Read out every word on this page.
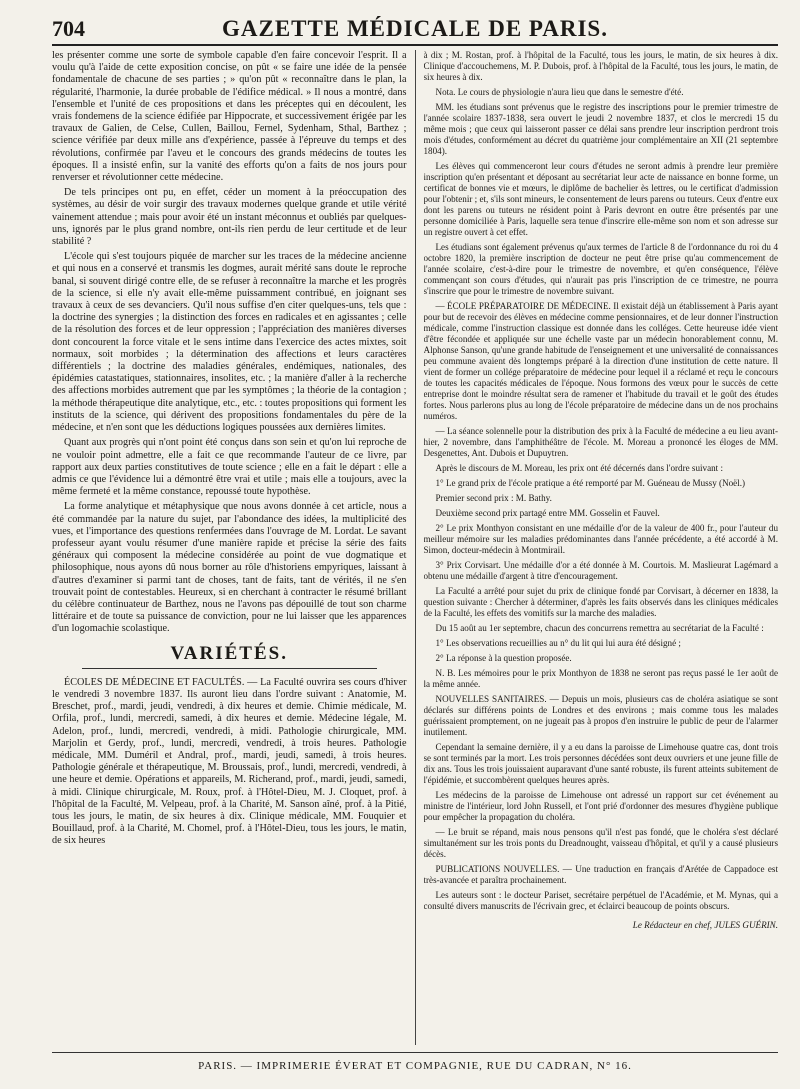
704	GAZETTE MÉDICALE DE PARIS.

les présenter comme une sorte de symbole capable d'en faire concevoir l'esprit. Il a voulu qu'à l'aide de cette exposition concise, on pût « se faire une idée de la pensée fondamentale de chacune de ses parties ; » qu'on pût « reconnaître dans le plan, la régularité, l'harmonie, la durée probable de l'édifice médical. » Il nous a montré, dans l'ensemble et l'unité de ces propositions et dans les préceptes qui en découlent, les vrais fondemens de la science édifiée par Hippocrate, et successivement érigée par les travaux de Galien, de Celse, Cullen, Baillou, Fernel, Sydenham, Sthal, Barthez ; science vérifiée par deux mille ans d'expérience, passée à l'épreuve du temps et des révolutions, confirmée par l'aveu et le concours des grands médecins de toutes les époques. Il a insisté enfin, sur la vanité des efforts qu'on a faits de nos jours pour renverser et révolutionner cette médecine.

De tels principes ont pu, en effet, céder un moment à la préoccupation des systèmes, au désir de voir surgir des travaux modernes quelque grande et utile vérité vainement attendue ; mais pour avoir été un instant méconnus et oubliés par quelques-uns, ignorés par le plus grand nombre, ont-ils rien perdu de leur certitude et de leur stabilité ?

L'école qui s'est toujours piquée de marcher sur les traces de la médecine ancienne et qui nous en a conservé et transmis les dogmes, aurait mérité sans doute le reproche banal, si souvent dirigé contre elle, de se refuser à reconnaître la marche et les progrès de la science, si elle n'y avait elle-même puissamment contribué, en joignant ses travaux à ceux de ses devanciers. Qu'il nous suffise d'en citer quelques-uns, tels que : la doctrine des synergies ; la distinction des forces en radicales et en agissantes ; celle de la résolution des forces et de leur oppression ; l'appréciation des manières diverses dont concourent la force vitale et le sens intime dans l'exercice des actes mixtes, soit normaux, soit morbides ; la détermination des affections et leurs caractères différentiels ; la doctrine des maladies générales, endémiques, nationales, des épidémies catastatiques, stationnaires, insolites, etc. ; la manière d'aller à la recherche des affections morbides autrement que par les symptômes ; la théorie de la contagion ; la méthode thérapeutique dite analytique, etc., etc. : toutes propositions qui forment les instituts de la science, qui dérivent des propositions fondamentales du père de la médecine, et n'en sont que les déductions logiques poussées aux dernières limites.

Quant aux progrès qui n'ont point été conçus dans son sein et qu'on lui reproche de ne vouloir point admettre, elle a fait ce que recommande l'auteur de ce livre, par rapport aux deux parties constitutives de toute science ; elle en a fait le départ : elle a admis ce que l'évidence lui a démontré être vrai et utile ; mais elle a toujours, avec la même fermeté et la même constance, repoussé toute hypothèse.

La forme analytique et métaphysique que nous avons donnée à cet article, nous a été commandée par la nature du sujet, par l'abondance des idées, la multiplicité des vues, et l'importance des questions renfermées dans l'ouvrage de M. Lordat. Le savant professeur ayant voulu résumer d'une manière rapide et précise la série des faits généraux qui composent la médecine considérée au point de vue dogmatique et philosophique, nous ayons dû nous borner au rôle d'historiens empyriques, laissant à d'autres d'examiner si parmi tant de choses, tant de faits, tant de vérités, il ne s'en trouvait point de contestables. Heureux, si en cherchant à contracter le résumé brillant du célèbre continuateur de Barthez, nous ne l'avons pas dépouillé de tout son charme littéraire et de toute sa puissance de conviction, pour ne lui laisser que les apparences d'un logomachie scolastique.

VARIÉTÉS.

ÉCOLES DE MÉDECINE ET FACULTÉS. — La Faculté ouvrira ses cours d'hiver le vendredi 3 novembre 1837. Ils auront lieu dans l'ordre suivant : Anatomie, M. Breschet, prof., mardi, jeudi, vendredi, à dix heures et demie. Chimie médicale, M. Orfila, prof., lundi, mercredi, samedi, à dix heures et demie. Médecine légale, M. Adelon, prof., lundi, mercredi, vendredi, à midi. Pathologie chirurgicale, MM. Marjolin et Gerdy, prof., lundi, mercredi, vendredi, à trois heures. Pathologie médicale, MM. Duméril et Andral, prof., mardi, jeudi, samedi, à trois heures. Pathologie générale et thérapeutique, M. Broussais, prof., lundi, mercredi, vendredi, à une heure et demie. Opérations et appareils, M. Richerand, prof., mardi, jeudi, samedi, à midi. Clinique chirurgicale, M. Roux, prof. à l'Hôtel-Dieu, M. J. Cloquet, prof. à l'hôpital de la Faculté, M. Velpeau, prof. à la Charité, M. Sanson aîné, prof. à la Pitié, tous les jours, le matin, de six heures à dix. Clinique médicale, MM. Fouquier et Bouillaud, prof. à la Charité, M. Chomel, prof. à l'Hôtel-Dieu, tous les jours, le matin, de six heures

à dix ; M. Rostan, prof. à l'hôpital de la Faculté, tous les jours, le matin, de six heures à dix. Clinique d'accouchemens, M. P. Dubois, prof. à l'hôpital de la Faculté, tous les jours, le matin, de six heures à dix.

Nota. Le cours de physiologie n'aura lieu que dans le semestre d'été.

MM. les étudians sont prévenus que le registre des inscriptions pour le premier trimestre de l'année scolaire 1837-1838, sera ouvert le jeudi 2 novembre 1837, et clos le mercredi 15 du même mois ; que ceux qui laisseront passer ce délai sans prendre leur inscription perdront trois mois d'études, conformément au décret du quatrième jour complémentaire an XII (21 septembre 1804).

Les élèves qui commenceront leur cours d'études ne seront admis à prendre leur première inscription qu'en présentant et déposant au secrétariat leur acte de naissance en bonne forme, un certificat de bonnes vie et mœurs, le diplôme de bachelier ès lettres, ou le certificat d'admission pour l'obtenir ; et, s'ils sont mineurs, le consentement de leurs parens ou tuteurs. Ceux d'entre eux dont les parens ou tuteurs ne résident point à Paris devront en outre être présentés par une personne domiciliée à Paris, laquelle sera tenue d'inscrire elle-même son nom et son adresse sur un registre ouvert à cet effet.

Les étudians sont également prévenus qu'aux termes de l'article 8 de l'ordonnance du roi du 4 octobre 1820, la première inscription de docteur ne peut être prise qu'au commencement de l'année scolaire, c'est-à-dire pour le trimestre de novembre, et qu'en conséquence, l'élève commençant son cours d'études, qui n'aurait pas pris l'inscription de ce trimestre, ne pourra s'inscrire que pour le trimestre de novembre suivant.

— ÉCOLE PRÉPARATOIRE DE MÉDECINE. Il existait déjà un établissement à Paris ayant pour but de recevoir des élèves en médecine comme pensionnaires, et de leur donner l'instruction médicale, comme l'instruction classique est donnée dans les colléges. Cette heureuse idée vient d'être fécondée et appliquée sur une échelle vaste par un médecin honorablement connu, M. Alphonse Sanson, qu'une grande habitude de l'enseignement et une universalité de connaissances peu commune avaient dès longtemps préparé à la direction d'une institution de cette nature. Il vient de former un collége préparatoire de médecine pour lequel il a réclamé et reçu le concours de toutes les capacités médicales de l'époque. Nous formons des vœux pour le succès de cette entreprise dont le moindre résultat sera de ramener et l'habitude du travail et le goût des études fortes. Nous parlerons plus au long de l'école préparatoire de médecine dans un de nos prochains numéros.

— La séance solennelle pour la distribution des prix à la Faculté de médecine a eu lieu avant-hier, 2 novembre, dans l'amphithéâtre de l'école. M. Moreau a prononcé les éloges de MM. Desgenettes, Ant. Dubois et Dupuytren.

Après le discours de M. Moreau, les prix ont été décernés dans l'ordre suivant :

1° Le grand prix de l'école pratique a été remporté par M. Guéneau de Mussy (Noël.)

Premier second prix : M. Bathy.

Deuxième second prix partagé entre MM. Gosselin et Fauvel.

2° Le prix Monthyon consistant en une médaille d'or de la valeur de 400 fr., pour l'auteur du meilleur mémoire sur les maladies prédominantes dans l'année précédente, a été accordé à M. Simon, docteur-médecin à Montmirail.

3° Prix Corvisart. Une médaille d'or a été donnée à M. Courtois. M. Maslieurat Lagémard a obtenu une médaille d'argent à titre d'encouragement.

La Faculté a arrêté pour sujet du prix de clinique fondé par Corvisart, à décerner en 1838, la question suivante : Chercher à déterminer, d'après les faits observés dans les cliniques médicales de la Faculté, les effets des vomitifs sur la marche des maladies.

Du 15 août au 1er septembre, chacun des concurrens remettra au secrétariat de la Faculté :

1° Les observations recueillies au n° du lit qui lui aura été désigné ;

2° La réponse à la question proposée.

N. B. Les mémoires pour le prix Monthyon de 1838 ne seront pas reçus passé le 1er août de la même année.

NOUVELLES SANITAIRES. — Depuis un mois, plusieurs cas de choléra asiatique se sont déclarés sur différens points de Londres et des environs ; mais comme tous les malades guérissaient promptement, on ne jugeait pas à propos d'en instruire le public de peur de l'alarmer inutilement.

Cependant la semaine dernière, il y a eu dans la paroisse de Limehouse quatre cas, dont trois se sont terminés par la mort. Les trois personnes décédées sont deux ouvriers et une jeune fille de dix ans. Tous les trois jouissaient auparavant d'une santé robuste, ils furent atteints subitement de l'épidémie, et succombèrent quelques heures après.

Les médecins de la paroisse de Limehouse ont adressé un rapport sur cet événement au ministre de l'intérieur, lord John Russell, et l'ont prié d'ordonner des mesures d'hygiène publique pour empêcher la propagation du choléra.

— Le bruit se répand, mais nous pensons qu'il n'est pas fondé, que le choléra s'est déclaré simultanément sur les trois ponts du Dreadnought, vaisseau d'hôpital, et qu'il y a causé plusieurs décès.

PUBLICATIONS NOUVELLES. — Une traduction en français d'Arétée de Cappadoce est très-avancée et paraîtra prochainement.

Les auteurs sont : le docteur Pariset, secrétaire perpétuel de l'Académie, et M. Mynas, qui a consulté divers manuscrits de l'écrivain grec, et éclairci beaucoup de points obscurs.

Le Rédacteur en chef, JULES GUÉRIN.
PARIS. — IMPRIMERIE ÉVERAT ET COMPAGNIE, RUE DU CADRAN, N° 16.
